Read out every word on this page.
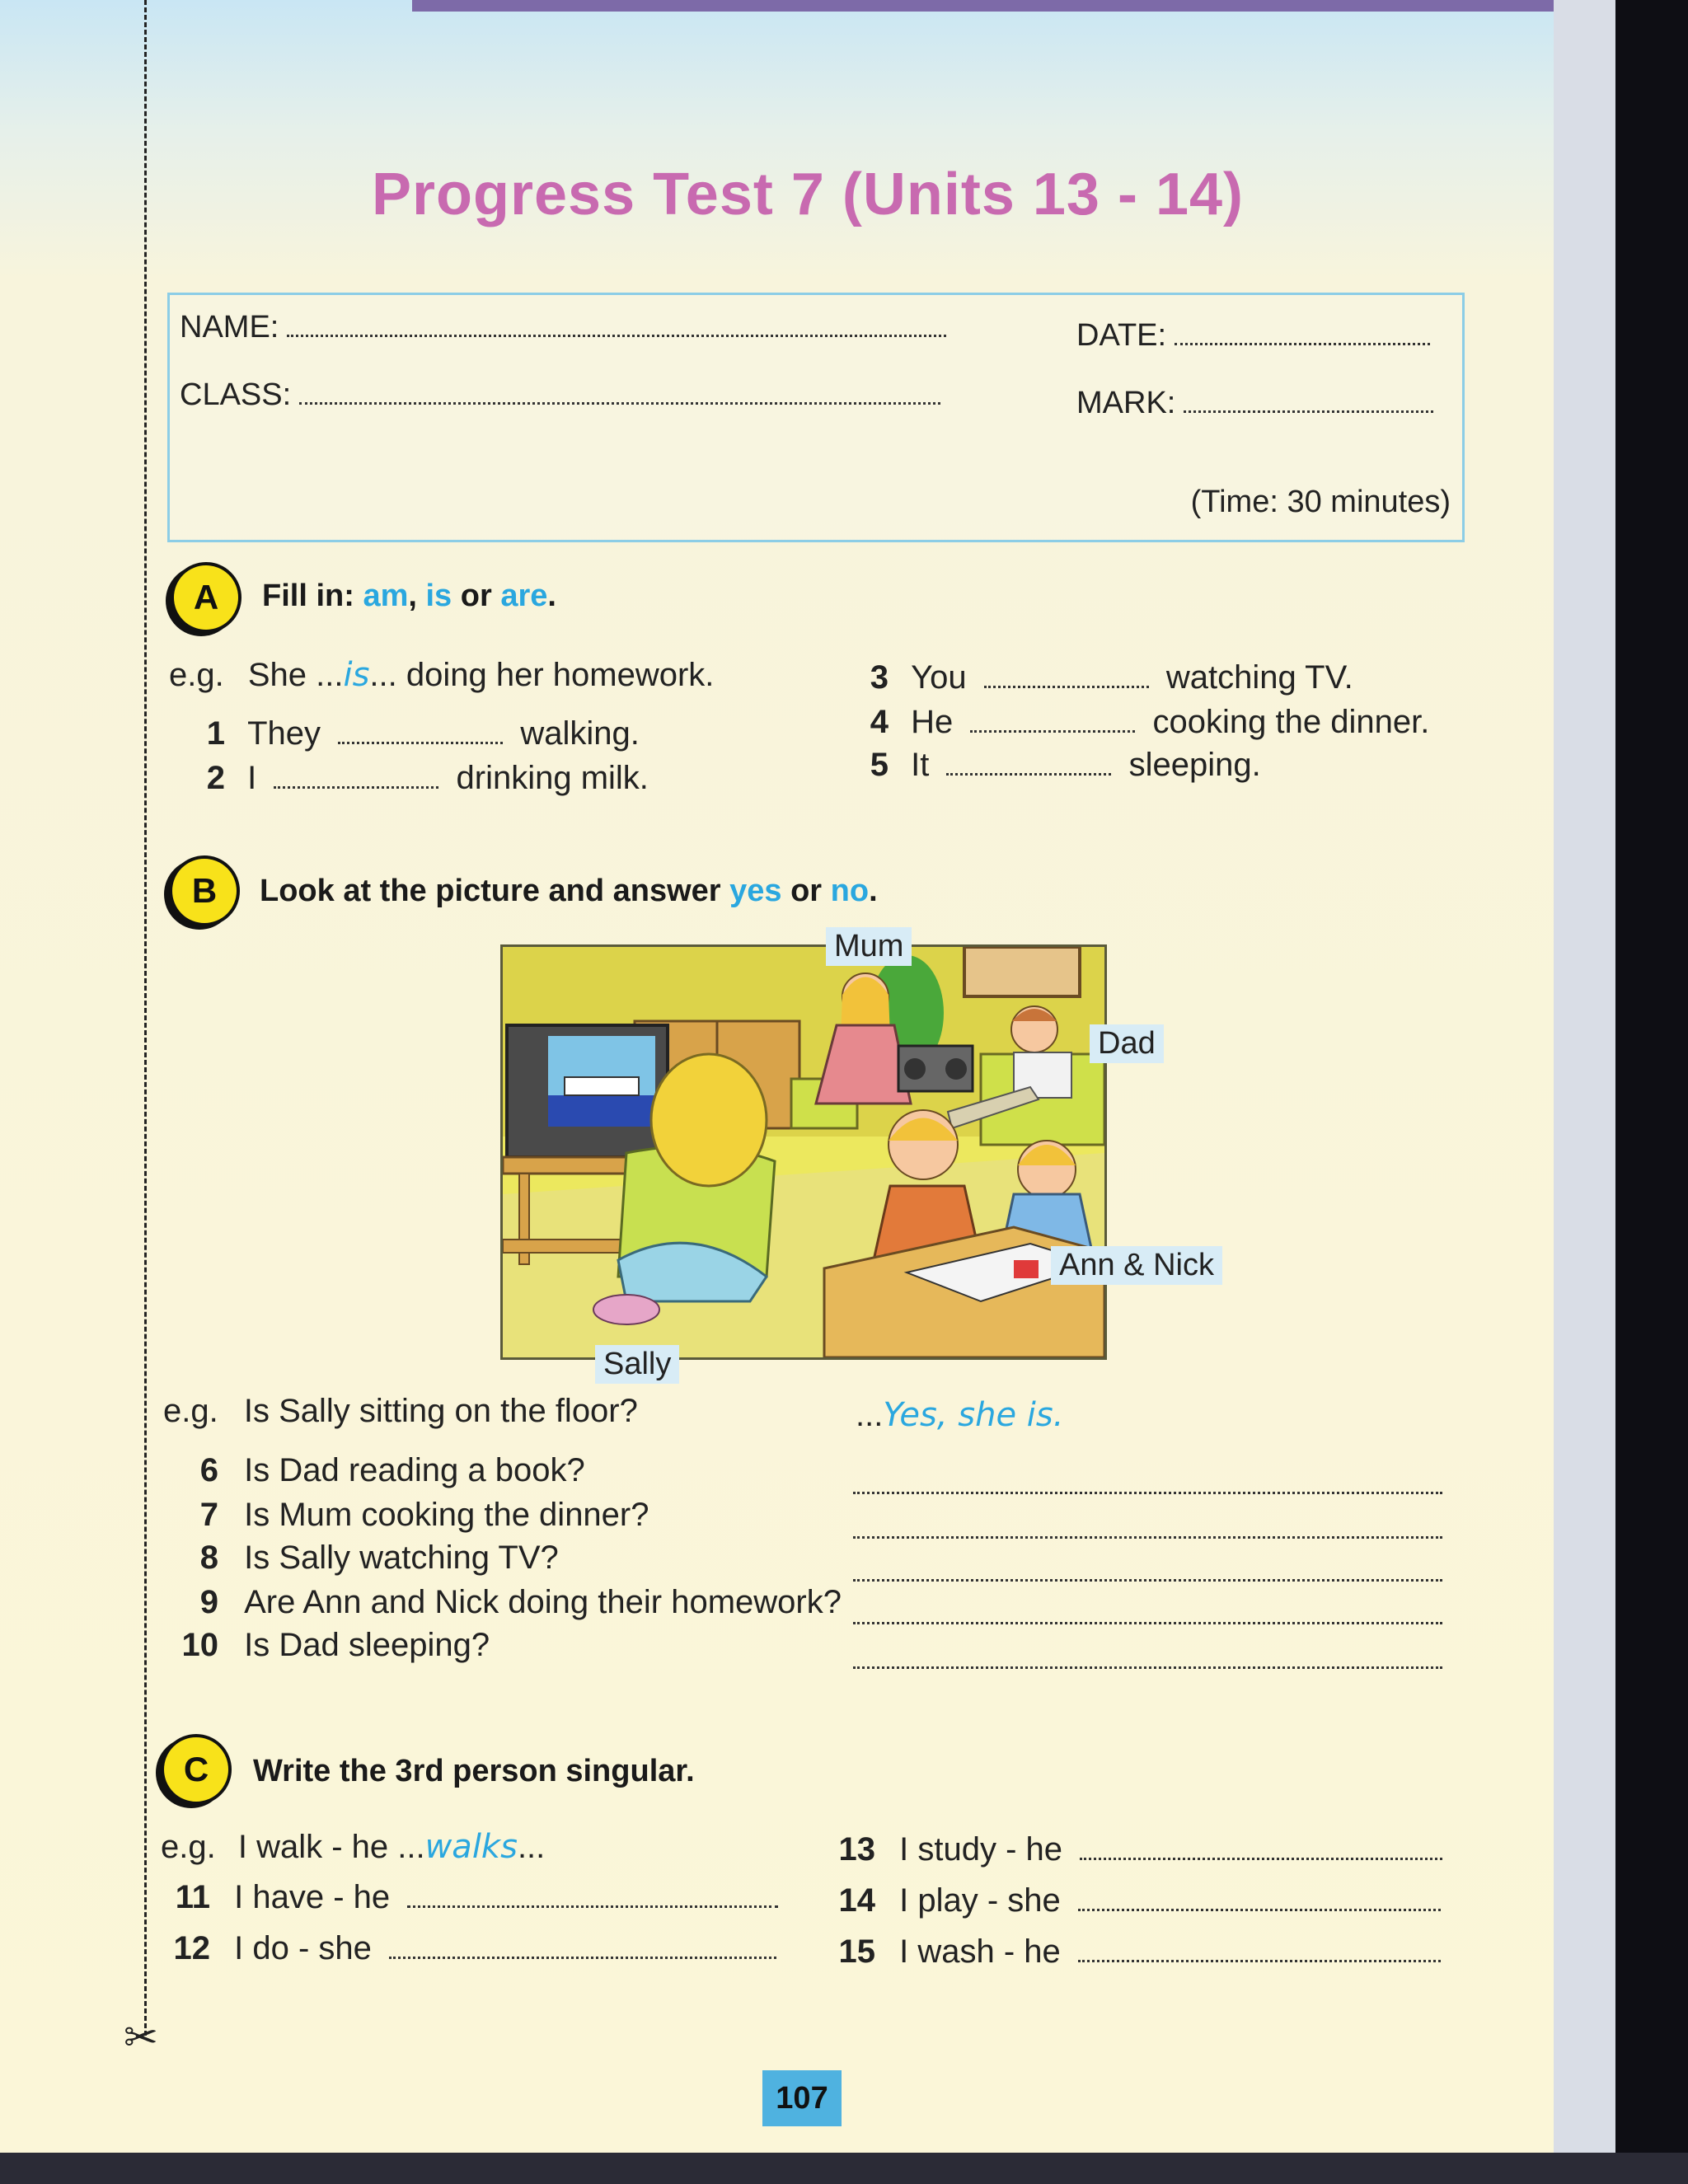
✂
Progress Test 7 (Units 13 - 14)
NAME:
CLASS:
DATE:
MARK:
(Time: 30 minutes)
A	Fill in: am, is or are.
e.g. She ...is... doing her homework.
1 They	walking.
2 I	drinking milk.
3 You	watching TV.
4 He	cooking the dinner.
5 It	sleeping.
B	Look at the picture and answer yes or no.
Mum
Dad
Ann & Nick
Sally
e.g. Is Sally sitting on the floor?	...Yes, she is.
6 Is Dad reading a book?
7 Is Mum cooking the dinner?
8 Is Sally watching TV?
9 Are Ann and Nick doing their homework?
10 Is Dad sleeping?
C	Write the 3rd person singular.
e.g. I walk - he ...walks...
11 I have - he
12 I do - she
13 I study - he
14 I play - she
15 I wash - he
107
